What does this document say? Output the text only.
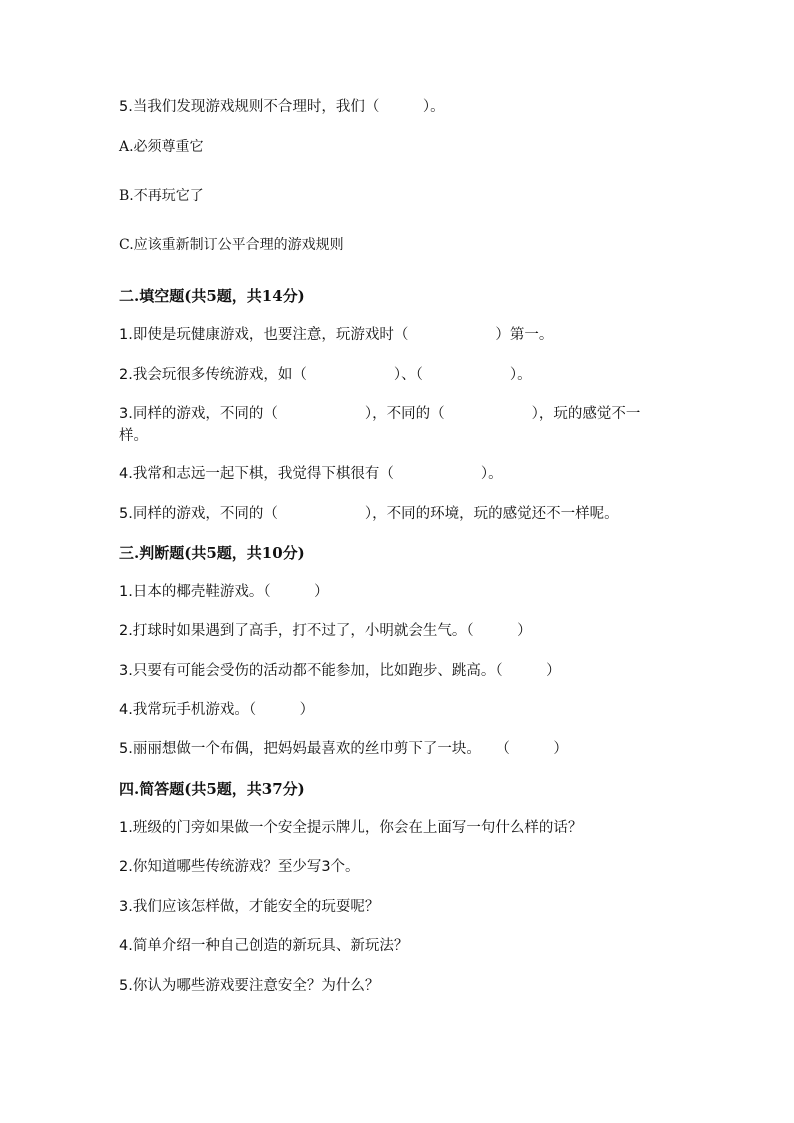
5.当我们发现游戏规则不合理时，我们（　　　）。
A.必须尊重它
B.不再玩它了
C.应该重新制订公平合理的游戏规则
二.填空题(共5题，共14分)
1.即使是玩健康游戏，也要注意，玩游戏时（　　　　　　）第一。
2.我会玩很多传统游戏，如（　　　　　　）、（　　　　　　）。
3.同样的游戏，不同的（　　　　　　），不同的（　　　　　　），玩的感觉不一样。
4.我常和志远一起下棋，我觉得下棋很有（　　　　　　）。
5.同样的游戏，不同的（　　　　　　），不同的环境，玩的感觉还不一样呢。
三.判断题(共5题，共10分)
1.日本的椰壳鞋游戏。（　　　）
2.打球时如果遇到了高手，打不过了，小明就会生气。（　　　）
3.只要有可能会受伤的活动都不能参加，比如跑步、跳高。（　　　）
4.我常玩手机游戏。（　　　）
5.丽丽想做一个布偶，把妈妈最喜欢的丝巾剪下了一块。　　（　　　）
四.简答题(共5题，共37分)
1.班级的门旁如果做一个安全提示牌儿，你会在上面写一句什么样的话？
2.你知道哪些传统游戏？至少写3个。
3.我们应该怎样做，才能安全的玩耍呢？
4.简单介绍一种自己创造的新玩具、新玩法？
5.你认为哪些游戏要注意安全？为什么？
